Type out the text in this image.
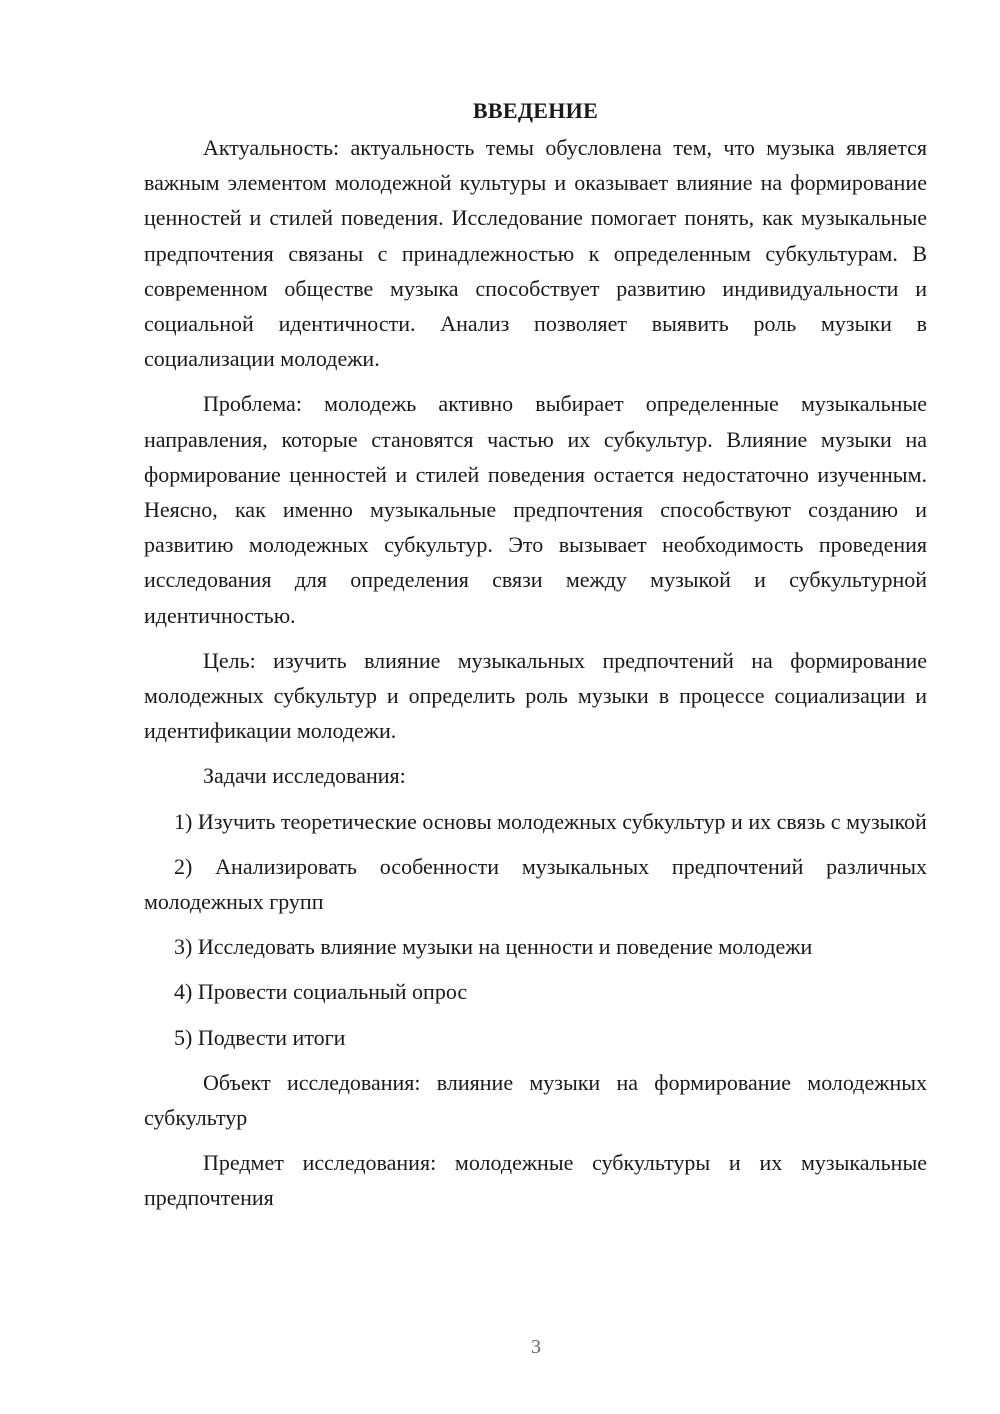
ВВЕДЕНИЕ

Актуальность: актуальность темы обусловлена тем, что музыка является важным элементом молодежной культуры и оказывает влияние на формирование ценностей и стилей поведения. Исследование помогает понять, как музыкальные предпочтения связаны с принадлежностью к определенным субкультурам. В современном обществе музыка способствует развитию индивидуальности и социальной идентичности. Анализ позволяет выявить роль музыки в социализации молодежи.

Проблема: молодежь активно выбирает определенные музыкальные направления, которые становятся частью их субкультур. Влияние музыки на формирование ценностей и стилей поведения остается недостаточно изученным. Неясно, как именно музыкальные предпочтения способствуют созданию и развитию молодежных субкультур. Это вызывает необходимость проведения исследования для определения связи между музыкой и субкультурной идентичностью.

Цель: изучить влияние музыкальных предпочтений на формирование молодежных субкультур и определить роль музыки в процессе социализации и идентификации молодежи.

Задачи исследования:

1) Изучить теоретические основы молодежных субкультур и их связь с музыкой

2) Анализировать особенности музыкальных предпочтений различных молодежных групп

3) Исследовать влияние музыки на ценности и поведение молодежи

4) Провести социальный опрос

5) Подвести итоги

Объект исследования: влияние музыки на формирование молодежных субкультур

Предмет исследования: молодежные субкультуры и их музыкальные предпочтения

3
